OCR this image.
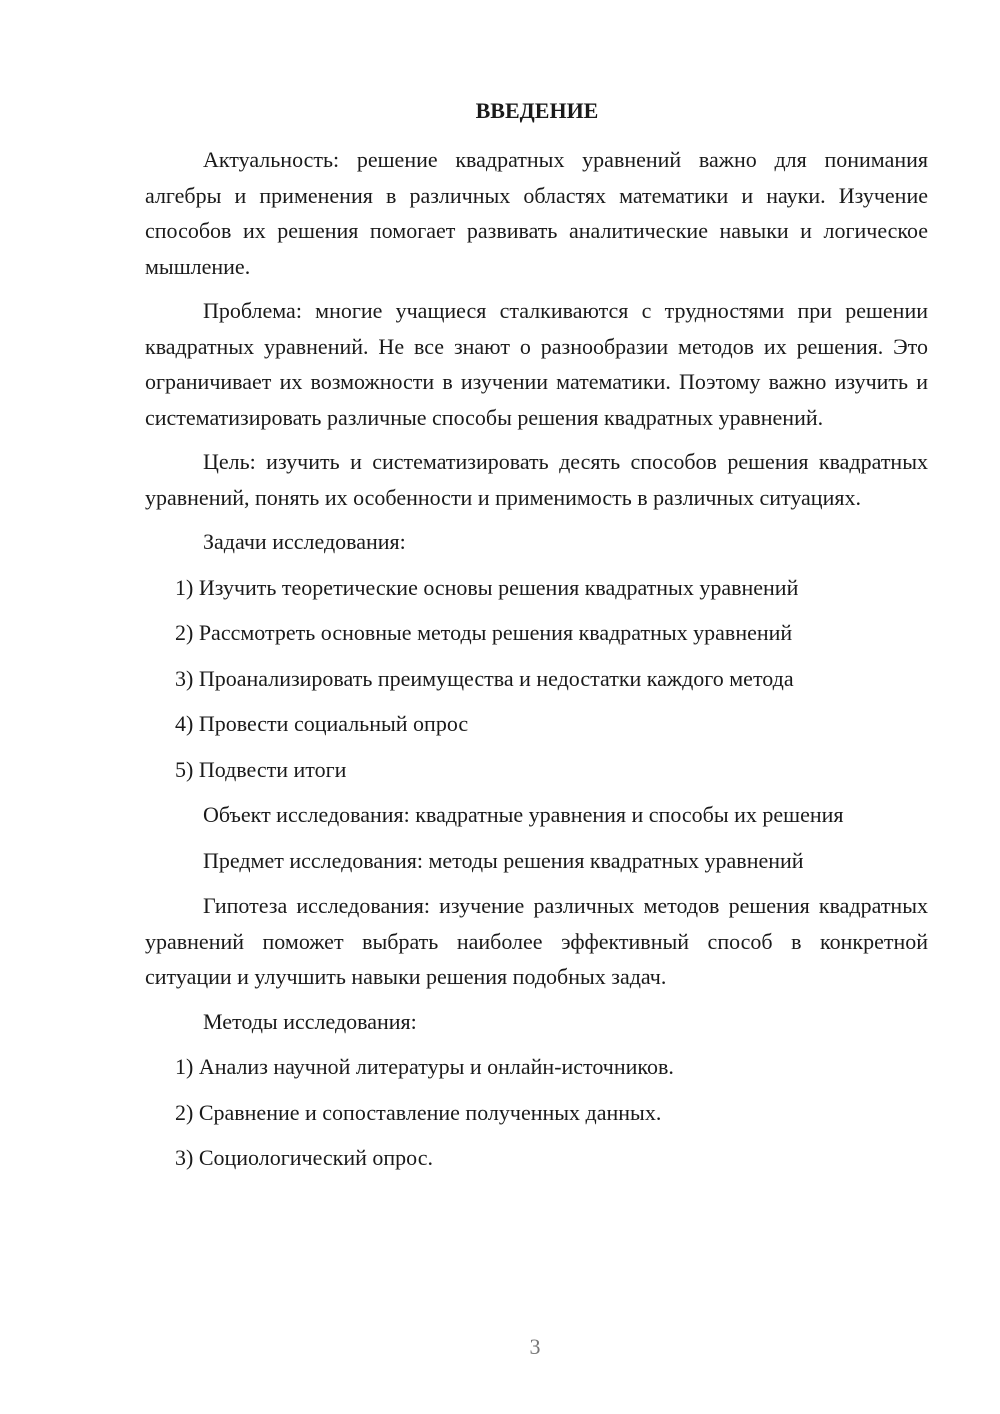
ВВЕДЕНИЕ

Актуальность: решение квадратных уравнений важно для понимания алгебры и применения в различных областях математики и науки. Изучение способов их решения помогает развивать аналитические навыки и логическое мышление.

Проблема: многие учащиеся сталкиваются с трудностями при решении квадратных уравнений. Не все знают о разнообразии методов их решения. Это ограничивает их возможности в изучении математики. Поэтому важно изучить и систематизировать различные способы решения квадратных уравнений.

Цель: изучить и систематизировать десять способов решения квадратных уравнений, понять их особенности и применимость в различных ситуациях.

Задачи исследования:

1) Изучить теоретические основы решения квадратных уравнений

2) Рассмотреть основные методы решения квадратных уравнений

3) Проанализировать преимущества и недостатки каждого метода

4) Провести социальный опрос

5) Подвести итоги

Объект исследования: квадратные уравнения и способы их решения

Предмет исследования: методы решения квадратных уравнений

Гипотеза исследования: изучение различных методов решения квадратных уравнений поможет выбрать наиболее эффективный способ в конкретной ситуации и улучшить навыки решения подобных задач.

Методы исследования:

1) Анализ научной литературы и онлайн-источников.

2) Сравнение и сопоставление полученных данных.

3) Социологический опрос.

3
